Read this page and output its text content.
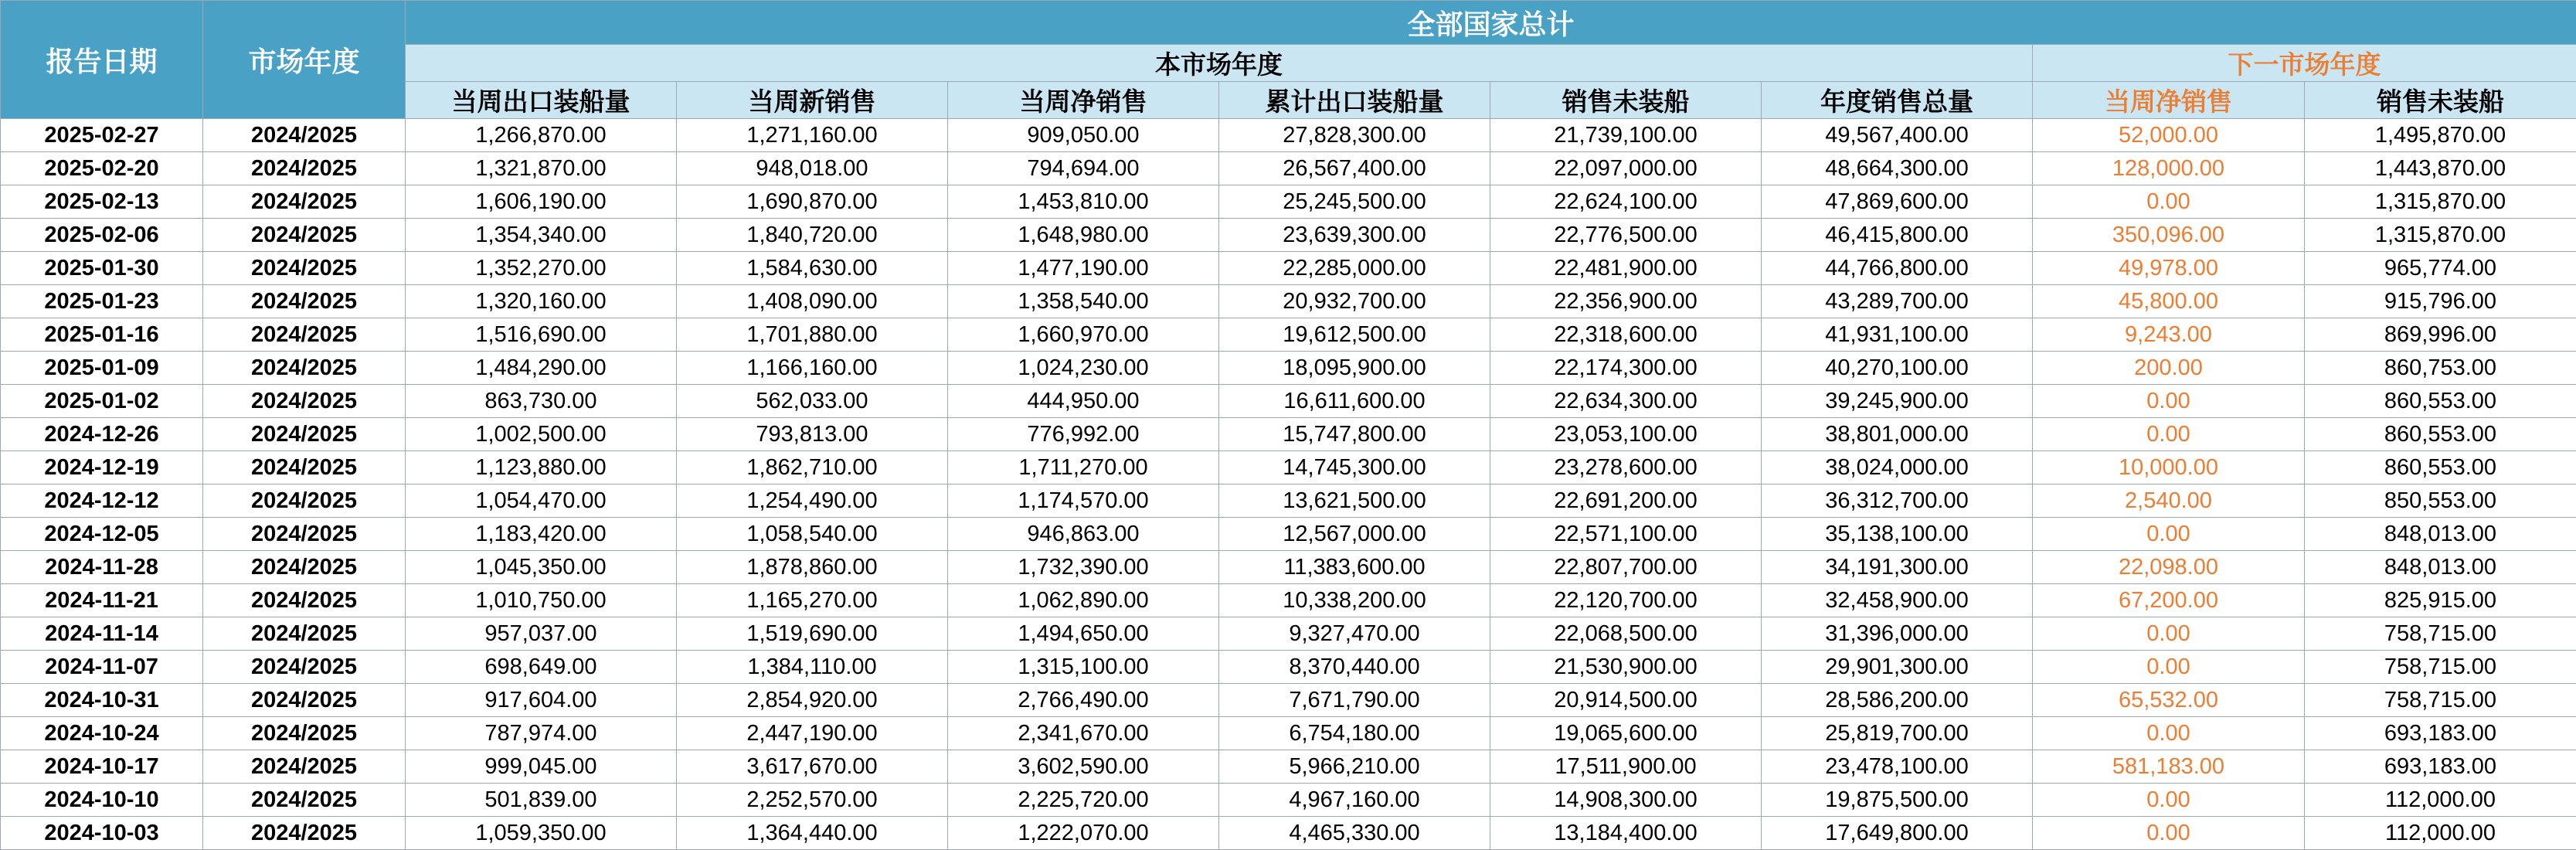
报告日期	市场年度	全部国家总计							
		本市场年度						下一市场年度	
		当周出口装船量	当周新销售	当周净销售	累计出口装船量	销售未装船	年度销售总量	当周净销售	销售未装船
2025-02-27	2024/2025	1,266,870.00	1,271,160.00	909,050.00	27,828,300.00	21,739,100.00	49,567,400.00	52,000.00	1,495,870.00
2025-02-20	2024/2025	1,321,870.00	948,018.00	794,694.00	26,567,400.00	22,097,000.00	48,664,300.00	128,000.00	1,443,870.00
2025-02-13	2024/2025	1,606,190.00	1,690,870.00	1,453,810.00	25,245,500.00	22,624,100.00	47,869,600.00	0.00	1,315,870.00
2025-02-06	2024/2025	1,354,340.00	1,840,720.00	1,648,980.00	23,639,300.00	22,776,500.00	46,415,800.00	350,096.00	1,315,870.00
2025-01-30	2024/2025	1,352,270.00	1,584,630.00	1,477,190.00	22,285,000.00	22,481,900.00	44,766,800.00	49,978.00	965,774.00
2025-01-23	2024/2025	1,320,160.00	1,408,090.00	1,358,540.00	20,932,700.00	22,356,900.00	43,289,700.00	45,800.00	915,796.00
2025-01-16	2024/2025	1,516,690.00	1,701,880.00	1,660,970.00	19,612,500.00	22,318,600.00	41,931,100.00	9,243.00	869,996.00
2025-01-09	2024/2025	1,484,290.00	1,166,160.00	1,024,230.00	18,095,900.00	22,174,300.00	40,270,100.00	200.00	860,753.00
2025-01-02	2024/2025	863,730.00	562,033.00	444,950.00	16,611,600.00	22,634,300.00	39,245,900.00	0.00	860,553.00
2024-12-26	2024/2025	1,002,500.00	793,813.00	776,992.00	15,747,800.00	23,053,100.00	38,801,000.00	0.00	860,553.00
2024-12-19	2024/2025	1,123,880.00	1,862,710.00	1,711,270.00	14,745,300.00	23,278,600.00	38,024,000.00	10,000.00	860,553.00
2024-12-12	2024/2025	1,054,470.00	1,254,490.00	1,174,570.00	13,621,500.00	22,691,200.00	36,312,700.00	2,540.00	850,553.00
2024-12-05	2024/2025	1,183,420.00	1,058,540.00	946,863.00	12,567,000.00	22,571,100.00	35,138,100.00	0.00	848,013.00
2024-11-28	2024/2025	1,045,350.00	1,878,860.00	1,732,390.00	11,383,600.00	22,807,700.00	34,191,300.00	22,098.00	848,013.00
2024-11-21	2024/2025	1,010,750.00	1,165,270.00	1,062,890.00	10,338,200.00	22,120,700.00	32,458,900.00	67,200.00	825,915.00
2024-11-14	2024/2025	957,037.00	1,519,690.00	1,494,650.00	9,327,470.00	22,068,500.00	31,396,000.00	0.00	758,715.00
2024-11-07	2024/2025	698,649.00	1,384,110.00	1,315,100.00	8,370,440.00	21,530,900.00	29,901,300.00	0.00	758,715.00
2024-10-31	2024/2025	917,604.00	2,854,920.00	2,766,490.00	7,671,790.00	20,914,500.00	28,586,200.00	65,532.00	758,715.00
2024-10-24	2024/2025	787,974.00	2,447,190.00	2,341,670.00	6,754,180.00	19,065,600.00	25,819,700.00	0.00	693,183.00
2024-10-17	2024/2025	999,045.00	3,617,670.00	3,602,590.00	5,966,210.00	17,511,900.00	23,478,100.00	581,183.00	693,183.00
2024-10-10	2024/2025	501,839.00	2,252,570.00	2,225,720.00	4,967,160.00	14,908,300.00	19,875,500.00	0.00	112,000.00
2024-10-03	2024/2025	1,059,350.00	1,364,440.00	1,222,070.00	4,465,330.00	13,184,400.00	17,649,800.00	0.00	112,000.00
